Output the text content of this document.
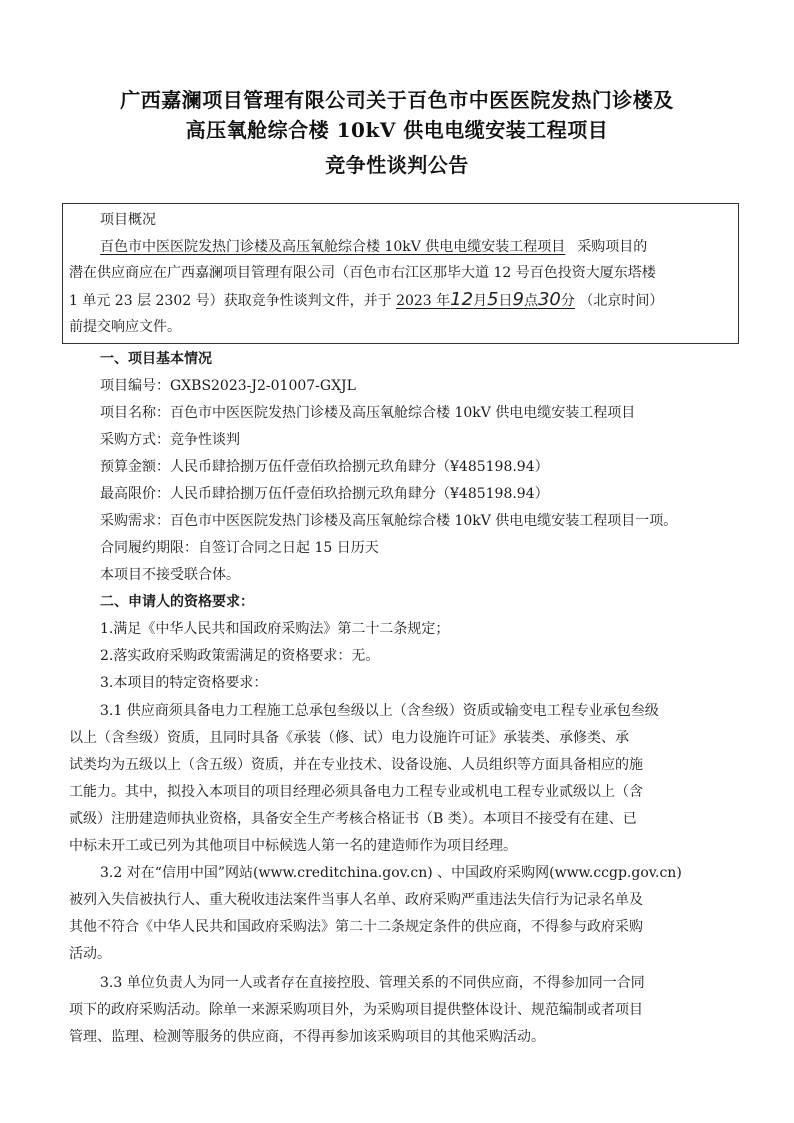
广西嘉澜项目管理有限公司关于百色市中医医院发热门诊楼及
高压氧舱综合楼 10kV 供电电缆安装工程项目
竞争性谈判公告
项目概况
百色市中医医院发热门诊楼及高压氧舱综合楼 10kV 供电电缆安装工程项目 采购项目的
潜在供应商应在广西嘉澜项目管理有限公司（百色市右江区那毕大道 12 号百色投资大厦东塔楼
1 单元 23 层 2302 号）获取竞争性谈判文件，并于 2023 年12月5日9点30分 （北京时间）
前提交响应文件。
一、项目基本情况
项目编号：GXBS2023-J2-01007-GXJL
项目名称：百色市中医医院发热门诊楼及高压氧舱综合楼 10kV 供电电缆安装工程项目
采购方式：竞争性谈判
预算金额：人民币肆拾捌万伍仟壹佰玖拾捌元玖角肆分（¥485198.94）
最高限价：人民币肆拾捌万伍仟壹佰玖拾捌元玖角肆分（¥485198.94）
采购需求：百色市中医医院发热门诊楼及高压氧舱综合楼 10kV 供电电缆安装工程项目一项。
合同履约期限：自签订合同之日起 15 日历天
本项目不接受联合体。
二、申请人的资格要求：
1.满足《中华人民共和国政府采购法》第二十二条规定；
2.落实政府采购政策需满足的资格要求：无。
3.本项目的特定资格要求：
3.1 供应商须具备电力工程施工总承包叁级以上（含叁级）资质或输变电工程专业承包叁级
以上（含叁级）资质，且同时具备《承装（修、试）电力设施许可证》承装类、承修类、承
试类均为五级以上（含五级）资质，并在专业技术、设备设施、人员组织等方面具备相应的施
工能力。其中，拟投入本项目的项目经理必须具备电力工程专业或机电工程专业贰级以上（含
贰级）注册建造师执业资格，具备安全生产考核合格证书（B 类）。本项目不接受有在建、已
中标未开工或已列为其他项目中标候选人第一名的建造师作为项目经理。
3.2 对在“信用中国”网站(www.creditchina.gov.cn) 、中国政府采购网(www.ccgp.gov.cn)
被列入失信被执行人、重大税收违法案件当事人名单、政府采购严重违法失信行为记录名单及
其他不符合《中华人民共和国政府采购法》第二十二条规定条件的供应商，不得参与政府采购
活动。
3.3 单位负责人为同一人或者存在直接控股、管理关系的不同供应商，不得参加同一合同
项下的政府采购活动。除单一来源采购项目外，为采购项目提供整体设计、规范编制或者项目
管理、监理、检测等服务的供应商，不得再参加该采购项目的其他采购活动。
